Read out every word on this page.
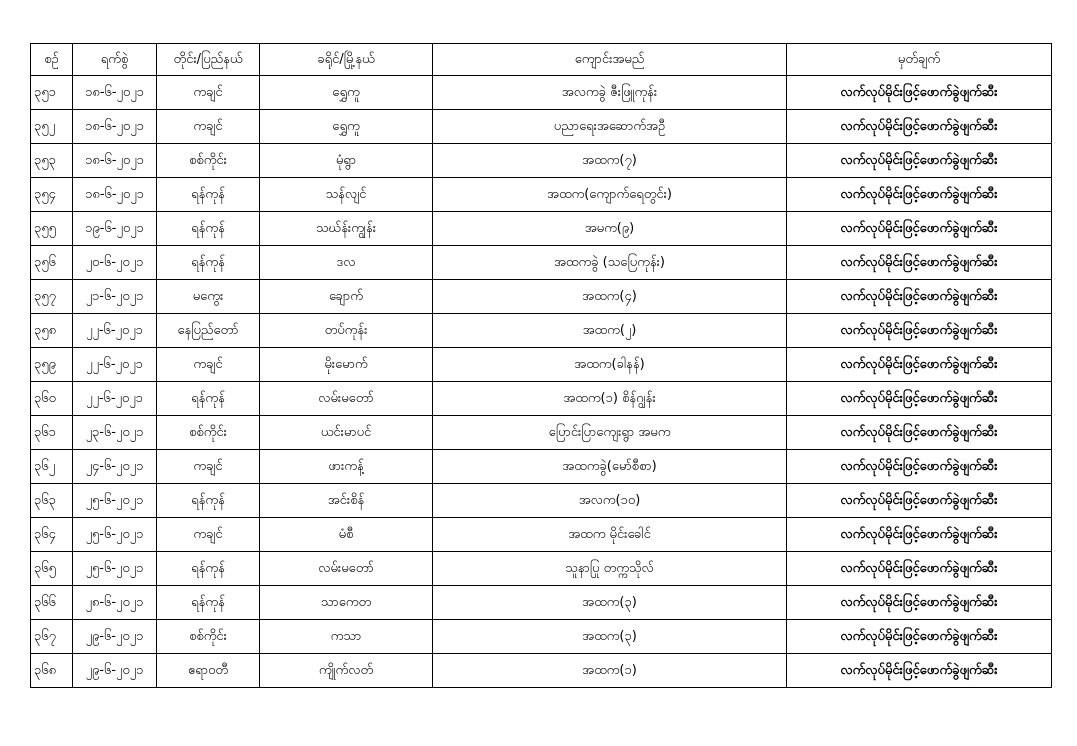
စဉ်	ရက်စွဲ	တိုင်း/ပြည်နယ်	ခရိုင်/မြို့နယ်	ကျောင်းအမည်	မှတ်ချက်
၃၅၁	၁၈-၆-၂၀၂၁	ကချင်	ရွှေကူ	အလကခွဲ ဇီးဖြူကုန်း	လက်လုပ်မိုင်းဖြင့်ဖောက်ခွဲဖျက်ဆီး
၃၅၂	၁၈-၆-၂၀၂၁	ကချင်	ရွှေကူ	ပညာရေးအဆောက်အဦ	လက်လုပ်မိုင်းဖြင့်ဖောက်ခွဲဖျက်ဆီး
၃၅၃	၁၈-၆-၂၀၂၁	စစ်ကိုင်း	မုံရွာ	အထက(၇)	လက်လုပ်မိုင်းဖြင့်ဖောက်ခွဲဖျက်ဆီး
၃၅၄	၁၈-၆-၂၀၂၁	ရန်ကုန်	သန်လျင်	အထက(ကျောက်ရေတွင်း)	လက်လုပ်မိုင်းဖြင့်ဖောက်ခွဲဖျက်ဆီး
၃၅၅	၁၉-၆-၂၀၂၁	ရန်ကုန်	သဃ်န်းကျွန်း	အမက(၉)	လက်လုပ်မိုင်းဖြင့်ဖောက်ခွဲဖျက်ဆီး
၃၅၆	၂၀-၆-၂၀၂၁	ရန်ကုန်	ဒလ	အထကခွဲ (သပြေကုန်း)	လက်လုပ်မိုင်းဖြင့်ဖောက်ခွဲဖျက်ဆီး
၃၅၇	၂၁-၆-၂၀၂၁	မကွေး	ချောက်	အထက(၄)	လက်လုပ်မိုင်းဖြင့်ဖောက်ခွဲဖျက်ဆီး
၃၅၈	၂၂-၆-၂၀၂၁	နေပြည်တော်	တပ်ကုန်း	အထက(၂)	လက်လုပ်မိုင်းဖြင့်ဖောက်ခွဲဖျက်ဆီး
၃၅၉	၂၂-၆-၂၀၂၁	ကချင်	မိုးမောက်	အထက(ခါနန်)	လက်လုပ်မိုင်းဖြင့်ဖောက်ခွဲဖျက်ဆီး
၃၆၀	၂၂-၆-၂၀၂၁	ရန်ကုန်	လမ်းမတော်	အထက(၁) စိန်ဂျွန်း	လက်လုပ်မိုင်းဖြင့်ဖောက်ခွဲဖျက်ဆီး
၃၆၁	၂၃-၆-၂၀၂၁	စစ်ကိုင်း	ယင်းမာပင်	ပြောင်းပြာကျေးရွာ အမက	လက်လုပ်မိုင်းဖြင့်ဖောက်ခွဲဖျက်ဆီး
၃၆၂	၂၄-၆-၂၀၂၁	ကချင်	ဖားကန့်	အထကခွဲ(မော်စီစာ)	လက်လုပ်မိုင်းဖြင့်ဖောက်ခွဲဖျက်ဆီး
၃၆၃	၂၅-၆-၂၀၂၁	ရန်ကုန်	အင်းစိန်	အလက(၁၀)	လက်လုပ်မိုင်းဖြင့်ဖောက်ခွဲဖျက်ဆီး
၃၆၄	၂၅-၆-၂၀၂၁	ကချင်	မံစီ	အထက မိုင်းခေါင်	လက်လုပ်မိုင်းဖြင့်ဖောက်ခွဲဖျက်ဆီး
၃၆၅	၂၅-၆-၂၀၂၁	ရန်ကုန်	လမ်းမတော်	သူနာပြု တက္ကသိုလ်	လက်လုပ်မိုင်းဖြင့်ဖောက်ခွဲဖျက်ဆီး
၃၆၆	၂၈-၆-၂၀၂၁	ရန်ကုန်	သာကေတ	အထက(၃)	လက်လုပ်မိုင်းဖြင့်ဖောက်ခွဲဖျက်ဆီး
၃၆၇	၂၉-၆-၂၀၂၁	စစ်ကိုင်း	ကသာ	အထက(၃)	လက်လုပ်မိုင်းဖြင့်ဖောက်ခွဲဖျက်ဆီး
၃၆၈	၂၉-၆-၂၀၂၁	ဧရာဝတီ	ကျိုက်လတ်	အထက(၁)	လက်လုပ်မိုင်းဖြင့်ဖောက်ခွဲဖျက်ဆီး
